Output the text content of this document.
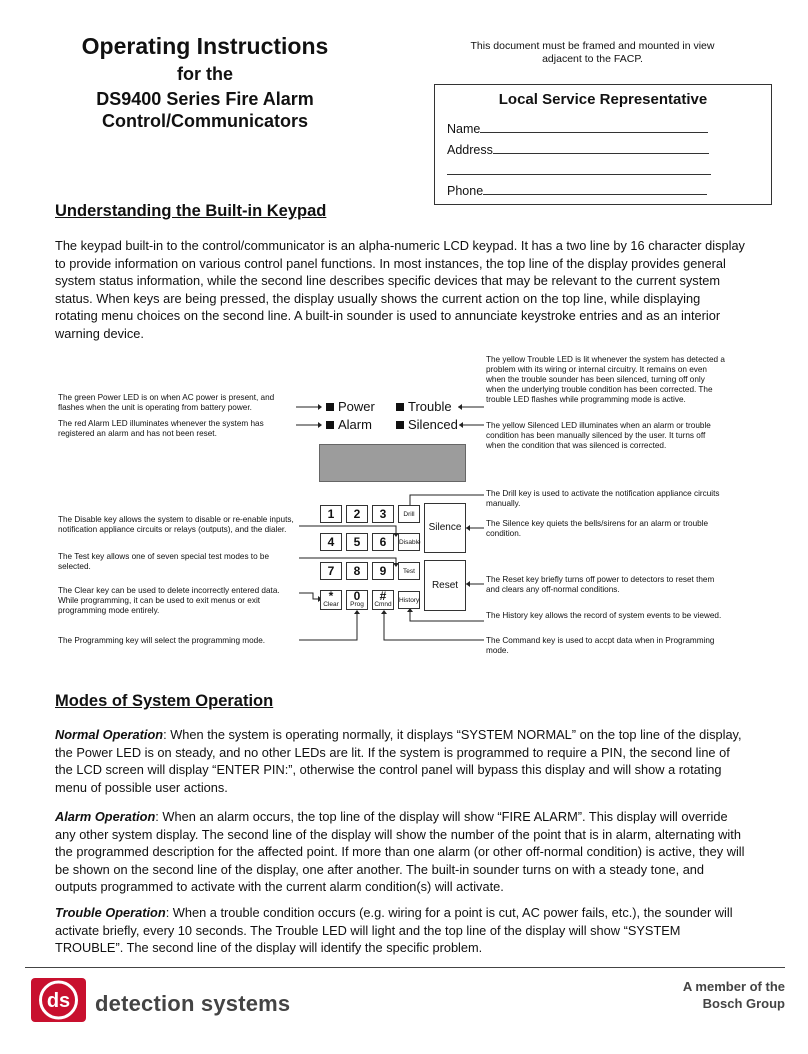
Operating Instructions
for the
DS9400 Series Fire Alarm
Control/Communicators
This document must be framed and mounted in view adjacent to the FACP.
Local Service Representative
Name
Address
Phone
Understanding the Built-in Keypad

The keypad built-in to the control/communicator is an alpha-numeric LCD keypad. It has a two line by 16 character display to provide information on various control panel functions. In most instances, the top line of the display provides general system status information, while the second line describes specific devices that may be relevant to the current system status. When keys are being pressed, the display usually shows the current action on the top line, while displaying rotating menu choices on the second line. A built-in sounder is used to annunciate keystroke entries and as an interior warning device.

The green Power LED is on when AC power is present, and flashes when the unit is operating from battery power.
The red Alarm LED illuminates whenever the system has registered an alarm and has not been reset.
The Disable key allows the system to disable or re-enable inputs, notification appliance circuits or relays (outputs), and the dialer.
The Test key allows one of seven special test modes to be selected.
The Clear key can be used to delete incorrectly entered data. While programming, it can be used to exit menus or exit programming mode entirely.
The Programming key will select the programming mode.
The yellow Trouble LED is lit whenever the system has detected a problem with its wiring or internal circuitry. It remains on even when the trouble sounder has been silenced, turning off only when the underlying trouble condition has been corrected. The trouble LED flashes while programming mode is active.
The yellow Silenced LED illuminates when an alarm or trouble condition has been manually silenced by the user. It turns off when the condition that was silenced is corrected.
The Drill key is used to activate the notification appliance circuits manually.
The Silence key quiets the bells/sirens for an alarm or trouble condition.
The Reset key briefly turns off power to detectors to reset them and clears any off-normal conditions.
The History key allows the record of system events to be viewed.
The Command key is used to accpt data when in Programming mode.
Power
Alarm
Trouble
Silenced
1	2	3	Drill
4	5	6	Disable
7	8	9	Test
*
Clear
0
Prog
#
Cmnd
History
Silence
Reset
Modes of System Operation

Normal Operation: When the system is operating normally, it displays “SYSTEM NORMAL” on the top line of the display, the Power LED is on steady, and no other LEDs are lit. If the system is programmed to require a PIN, the second line of the LCD screen will display “ENTER PIN:”, otherwise the control panel will bypass this display and will show a rotating menu of possible user actions.

Alarm Operation: When an alarm occurs, the top line of the display will show “FIRE ALARM”. This display will override any other system display. The second line of the display will show the number of the point that is in alarm, alternating with the programmed description for the affected point. If more than one alarm (or other off-normal condition) is active, they will be shown on the second line of the display, one after another. The built-in sounder turns on with a steady tone, and outputs programmed to activate with the current alarm condition(s) will activate.

Trouble Operation: When a trouble condition occurs (e.g. wiring for a point is cut, AC power fails, etc.), the sounder will activate briefly, every 10 seconds. The Trouble LED will light and the top line of the display will show “SYSTEM TROUBLE”. The second line of the display will identify the specific problem.

ds detection systems
A member of the
Bosch Group
